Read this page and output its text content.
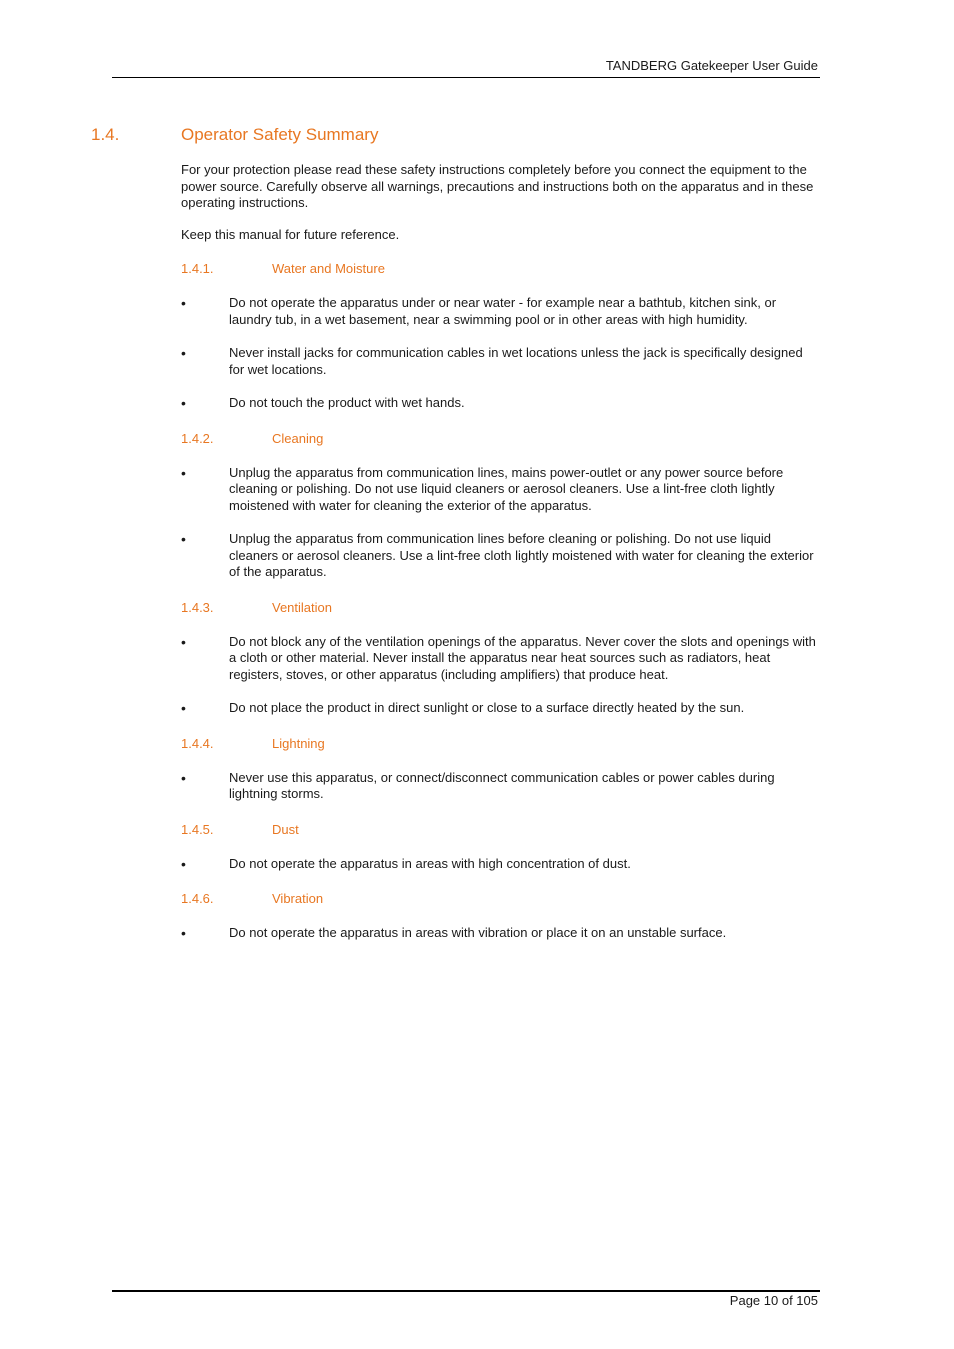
TANDBERG Gatekeeper User Guide
1.4.	Operator Safety Summary

For your protection please read these safety instructions completely before you connect the equipment to the power source. Carefully observe all warnings, precautions and instructions both on the apparatus and in these operating instructions.

Keep this manual for future reference.

1.4.1.	Water and Moisture
•	Do not operate the apparatus under or near water - for example near a bathtub, kitchen sink, or laundry tub, in a wet basement, near a swimming pool or in other areas with high humidity.
•	Never install jacks for communication cables in wet locations unless the jack is specifically designed for wet locations.
•	Do not touch the product with wet hands.
1.4.2.	Cleaning
•	Unplug the apparatus from communication lines, mains power-outlet or any power source before cleaning or polishing. Do not use liquid cleaners or aerosol cleaners. Use a lint-free cloth lightly moistened with water for cleaning the exterior of the apparatus.
•	Unplug the apparatus from communication lines before cleaning or polishing. Do not use liquid cleaners or aerosol cleaners. Use a lint-free cloth lightly moistened with water for cleaning the exterior of the apparatus.
1.4.3.	Ventilation
•	Do not block any of the ventilation openings of the apparatus. Never cover the slots and openings with a cloth or other material. Never install the apparatus near heat sources such as radiators, heat registers, stoves, or other apparatus (including amplifiers) that produce heat.
•	Do not place the product in direct sunlight or close to a surface directly heated by the sun.
1.4.4.	Lightning
•	Never use this apparatus, or connect/disconnect communication cables or power cables during lightning storms.
1.4.5.	Dust
•	Do not operate the apparatus in areas with high concentration of dust.
1.4.6.	Vibration
•	Do not operate the apparatus in areas with vibration or place it on an unstable surface.
Page 10 of 105
